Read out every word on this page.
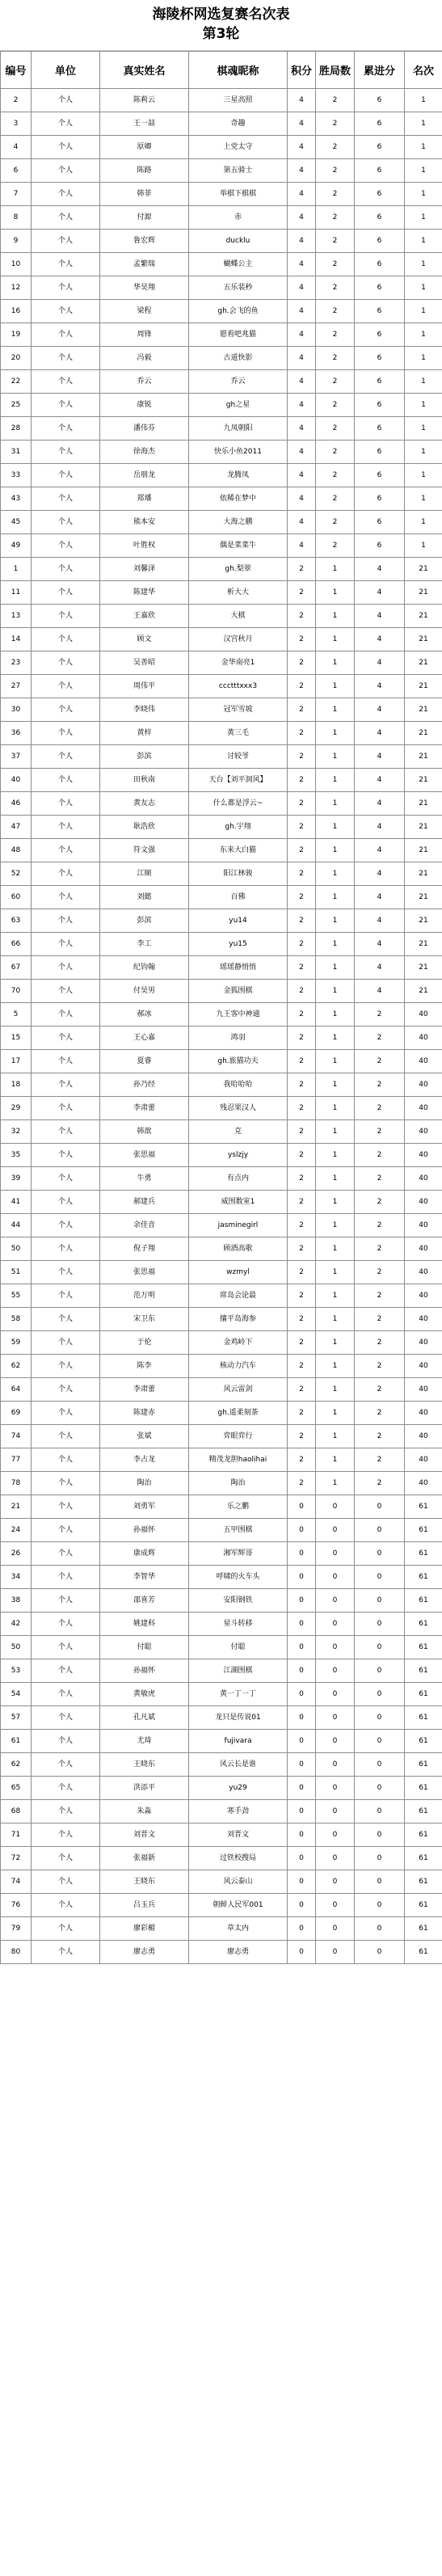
海陵杯网选复赛名次表
第3轮
编号	单位	真实姓名	棋魂昵称	积分	胜局数	累进分	名次
2	个人	陈莉云	三星高照	4	2	6	1
3	个人	王一喆	奇趣	4	2	6	1
4	个人	原卿	上党太守	4	2	6	1
6	个人	陈路	第五骑士	4	2	6	1
7	个人	韩菲	举棋下棋棋	4	2	6	1
8	个人	付源	赤	4	2	6	1
9	个人	鲁宏辉	ducklu	4	2	6	1
10	个人	孟繁瑞	蝴蝶公主	4	2	6	1
12	个人	华昊翔	五乐装秒	4	2	6	1
16	个人	梁程	gh.会飞的鱼	4	2	6	1
19	个人	周锋	愿看吧兆猫	4	2	6	1
20	个人	冯毅	古道快影	4	2	6	1
22	个人	乔云	乔云	4	2	6	1
25	个人	康锐	gh之星	4	2	6	1
28	个人	潘伟芬	九凤朝阳	4	2	6	1
31	个人	徐海杰	快乐小鱼2011	4	2	6	1
33	个人	岳朋龙	龙腾凤	4	2	6	1
43	个人	郑璠	依稀在梦中	4	2	6	1
45	个人	熊本安	大海之鹏	4	2	6	1
49	个人	叶胜权	偶是菜菜牛	4	2	6	1
1	个人	刘馨泽	gh.梨翠	2	1	4	21
11	个人	陈建华	析大大	2	1	4	21
13	个人	王嘉欣	大棋	2	1	4	21
14	个人	顾文	汉宫秋月	2	1	4	21
23	个人	吴善昭	金华南亮1	2	1	4	21
27	个人	周伟平	ccctttxxx3	2	1	4	21
30	个人	李晓伟	冠军雪坡	2	1	4	21
36	个人	黄梓	黄三毛	2	1	4	21
37	个人	彭滨	讨较爷	2	1	4	21
40	个人	田秋南	天台【刘平洞风】	2	1	4	21
46	个人	黄友志	什么都是浮云~	2	1	4	21
47	个人	耿浩欣	gh.宇翔	2	1	4	21
48	个人	符文强	东来大白猫	2	1	4	21
52	个人	江顺	阳江林骏	2	1	4	21
60	个人	刘懿	百佛	2	1	4	21
63	个人	彭滨	yu14	2	1	4	21
66	个人	李工	yu15	2	1	4	21
67	个人	纪钧翰	瑶瑶静悄悄	2	1	4	21
70	个人	付昊男	金狐围棋	2	1	4	21
5	个人	郝冰	九王客中神通	2	1	2	40
15	个人	王心嘉	鸿羽	2	1	2	40
17	个人	夏睿	gh.旅猫功夫	2	1	2	40
18	个人	孙乃经	我哈哈哈	2	1	2	40
29	个人	李肃蕾	残忍果汉人	2	1	2	40
32	个人	韩歆	克	2	1	2	40
35	个人	张思福	yslzjy	2	1	2	40
39	个人	牛勇	有点内	2	1	2	40
41	个人	郝建兵	威围数室1	2	1	2	40
44	个人	余佳音	jasminegirl	2	1	2	40
50	个人	倪子翔	顾酒高歌	2	1	2	40
51	个人	张思福	wzmyl	2	1	2	40
55	个人	范万明	席岛会论最	2	1	2	40
58	个人	宋卫东	攘平岛海参	2	1	2	40
59	个人	于伦	金鸡岭下	2	1	2	40
62	个人	陈李	核动力汽车	2	1	2	40
64	个人	李肃蕾	风云雷剑	2	1	2	40
69	个人	陈建赤	gh.遥柔刻茶	2	1	2	40
74	个人	张斌	弈眼弈行	2	1	2	40
77	个人	李占龙	精茂龙胆haolihai	2	1	2	40
78	个人	陶治	陶治	2	1	2	40
21	个人	刘勇军	乐之鹏	0	0	0	61
24	个人	孙福怀	五甲围棋	0	0	0	61
26	个人	康成辉	湘军辉哥	0	0	0	61
34	个人	李智华	呼啸的火车头	0	0	0	61
38	个人	邵喜芳	安阳钢铁	0	0	0	61
42	个人	姚建科	星斗转移	0	0	0	61
50	个人	付聪	付聪	0	0	0	61
53	个人	孙福怀	江湖围棋	0	0	0	61
54	个人	黄敏虎	黄一丁一丁	0	0	0	61
57	个人	孔凡斌	龙只是传说01	0	0	0	61
61	个人	尤琦	fujivara	0	0	0	61
62	个人	王晓东	风云长是谁	0	0	0	61
65	个人	洪添平	yu29	0	0	0	61
68	个人	朱淼	寒手劲	0	0	0	61
71	个人	刘晋文	刘晋文	0	0	0	61
72	个人	张福新	过铁校搜局	0	0	0	61
74	个人	王晓东	风云泰山	0	0	0	61
76	个人	吕玉兵	朝鲜人民军001	0	0	0	61
79	个人	廖彩楣	草太内	0	0	0	61
80	个人	廖志勇	廖志勇	0	0	0	61
